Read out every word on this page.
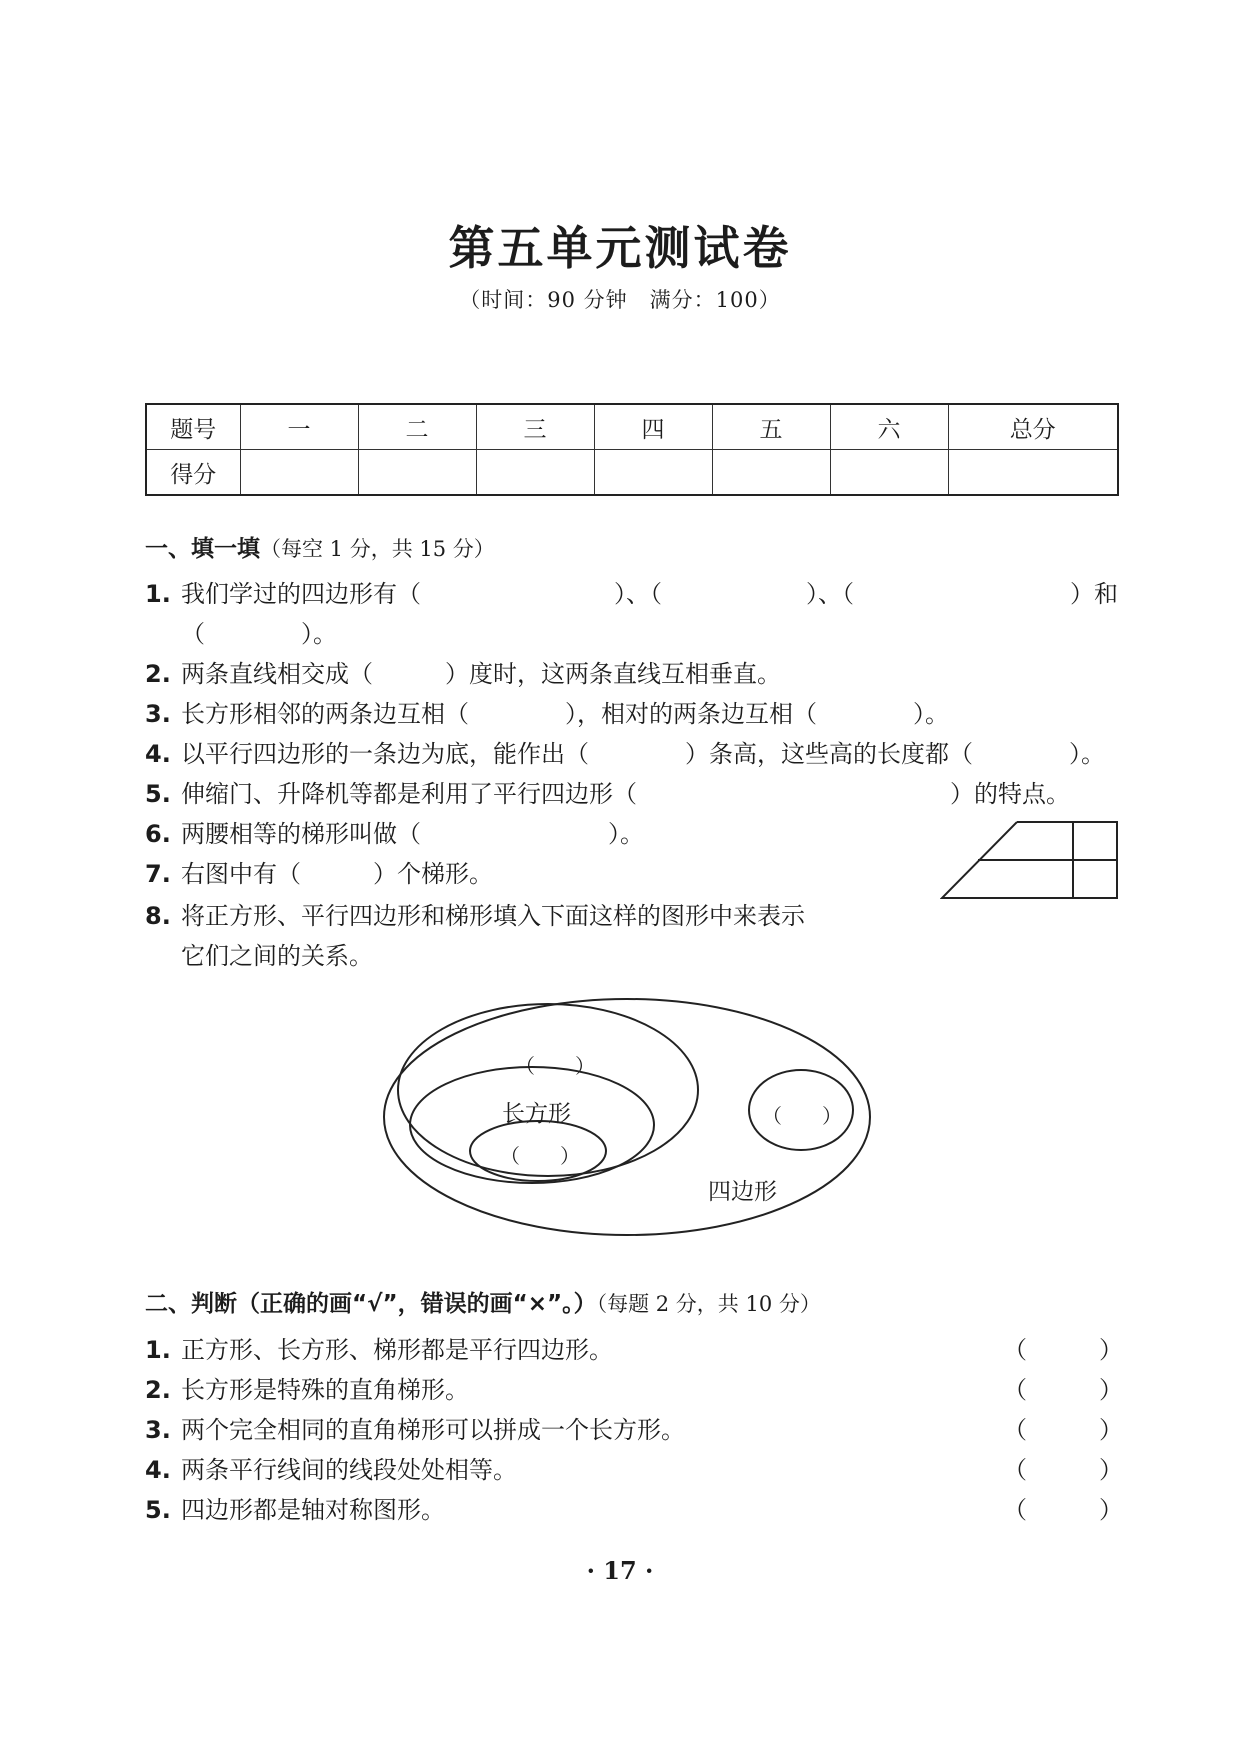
第五单元测试卷
（时间：90 分钟　满分：100）
题号	一	二	三	四	五	六	总分
得分							
一、填一填（每空 1 分，共 15 分）
1. 我们学过的四边形有（	）、（	）、（	）和
（　　　　）。
2. 两条直线相交成（　　　）度时，这两条直线互相垂直。
3. 长方形相邻的两条边互相（　　　　），相对的两条边互相（　　　　）。
4. 以平行四边形的一条边为底，能作出（　　　　）条高，这些高的长度都（　　　　）。
5. 伸缩门、升降机等都是利用了平行四边形（	）的特点。
6. 两腰相等的梯形叫做（	）。
7. 右图中有（　　　）个梯形。
8. 将正方形、平行四边形和梯形填入下面这样的图形中来表示
它们之间的关系。
（　　）
长方形
（　　）
（　　）
四边形
二、判断（正确的画“√”，错误的画“×”。）（每题 2 分，共 10 分）
1. 正方形、长方形、梯形都是平行四边形。	（　　　）
2. 长方形是特殊的直角梯形。	（　　　）
3. 两个完全相同的直角梯形可以拼成一个长方形。	（　　　）
4. 两条平行线间的线段处处相等。	（　　　）
5. 四边形都是轴对称图形。	（　　　）
· 17 ·
